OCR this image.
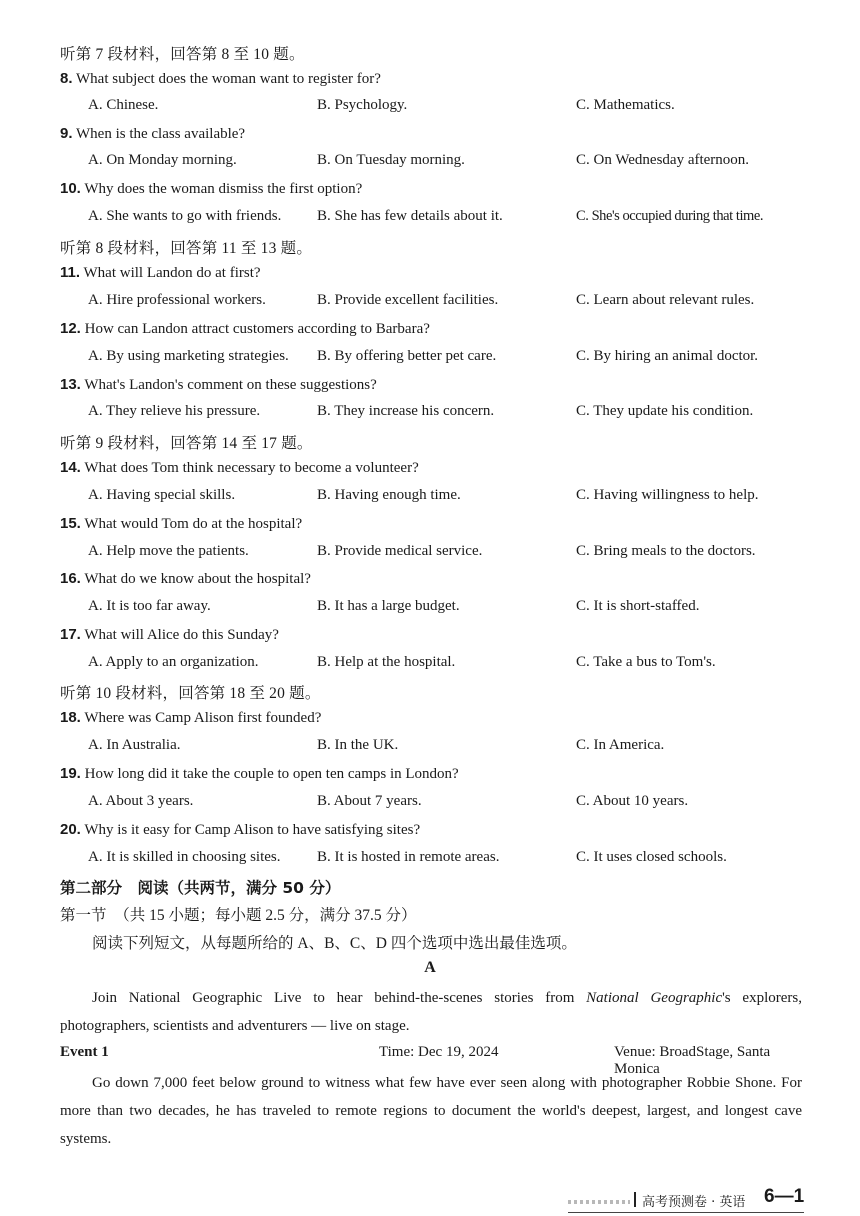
听第 7 段材料，回答第 8 至 10 题。
8. What subject does the woman want to register for?
A. Chinese.	B. Psychology.	C. Mathematics.
9. When is the class available?
A. On Monday morning.	B. On Tuesday morning.	C. On Wednesday afternoon.
10. Why does the woman dismiss the first option?
A. She wants to go with friends. B. She has few details about it.	C. She's occupied during that time.
听第 8 段材料，回答第 11 至 13 题。
11. What will Landon do at first?
A. Hire professional workers.	B. Provide excellent facilities.	C. Learn about relevant rules.
12. How can Landon attract customers according to Barbara?
A. By using marketing strategies. B. By offering better pet care.	C. By hiring an animal doctor.
13. What's Landon's comment on these suggestions?
A. They relieve his pressure.	B. They increase his concern.	C. They update his condition.
听第 9 段材料，回答第 14 至 17 题。
14. What does Tom think necessary to become a volunteer?
A. Having special skills.	B. Having enough time.	C. Having willingness to help.
15. What would Tom do at the hospital?
A. Help move the patients.	B. Provide medical service.	C. Bring meals to the doctors.
16. What do we know about the hospital?
A. It is too far away.	B. It has a large budget.	C. It is short-staffed.
17. What will Alice do this Sunday?
A. Apply to an organization.	B. Help at the hospital.	C. Take a bus to Tom's.
听第 10 段材料，回答第 18 至 20 题。
18. Where was Camp Alison first founded?
A. In Australia.	B. In the UK.	C. In America.
19. How long did it take the couple to open ten camps in London?
A. About 3 years.	B. About 7 years.	C. About 10 years.
20. Why is it easy for Camp Alison to have satisfying sites?
A. It is skilled in choosing sites. B. It is hosted in remote areas.	C. It uses closed schools.
第二部分　阅读（共两节，满分 50 分）
第一节　（共 15 小题；每小题 2.5 分，满分 37.5 分）
阅读下列短文，从每题所给的 A、B、C、D 四个选项中选出最佳选项。
A
Join National Geographic Live to hear behind-the-scenes stories from National Geographic's explorers, photographers, scientists and adventurers — live on stage.
Event 1	Time: Dec 19, 2024	Venue: BroadStage, Santa Monica
Go down 7,000 feet below ground to witness what few have ever seen along with photographer Robbie Shone. For more than two decades, he has traveled to remote regions to document the world's deepest, largest, and longest cave systems.
高考预测卷 · 英语 6—1
